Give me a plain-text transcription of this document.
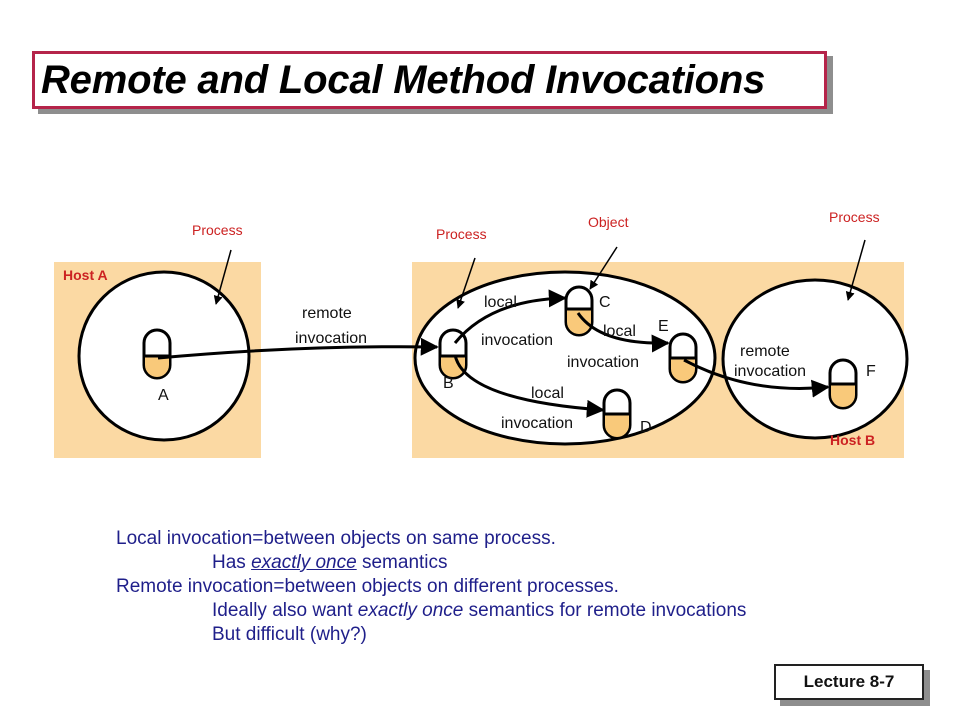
Remote and Local Method Invocations
Host A
Host B
Process	Process
Process
Object
A
B
C
D
E
F
remote
invocation
local
invocation
local
invocation
local
invocation
remote
invocation
Local invocation=between objects on same process.
Has exactly once semantics
Remote invocation=between objects on different processes.
Ideally also want exactly once semantics for remote invocations
But difficult (why?)
Lecture 8-7
